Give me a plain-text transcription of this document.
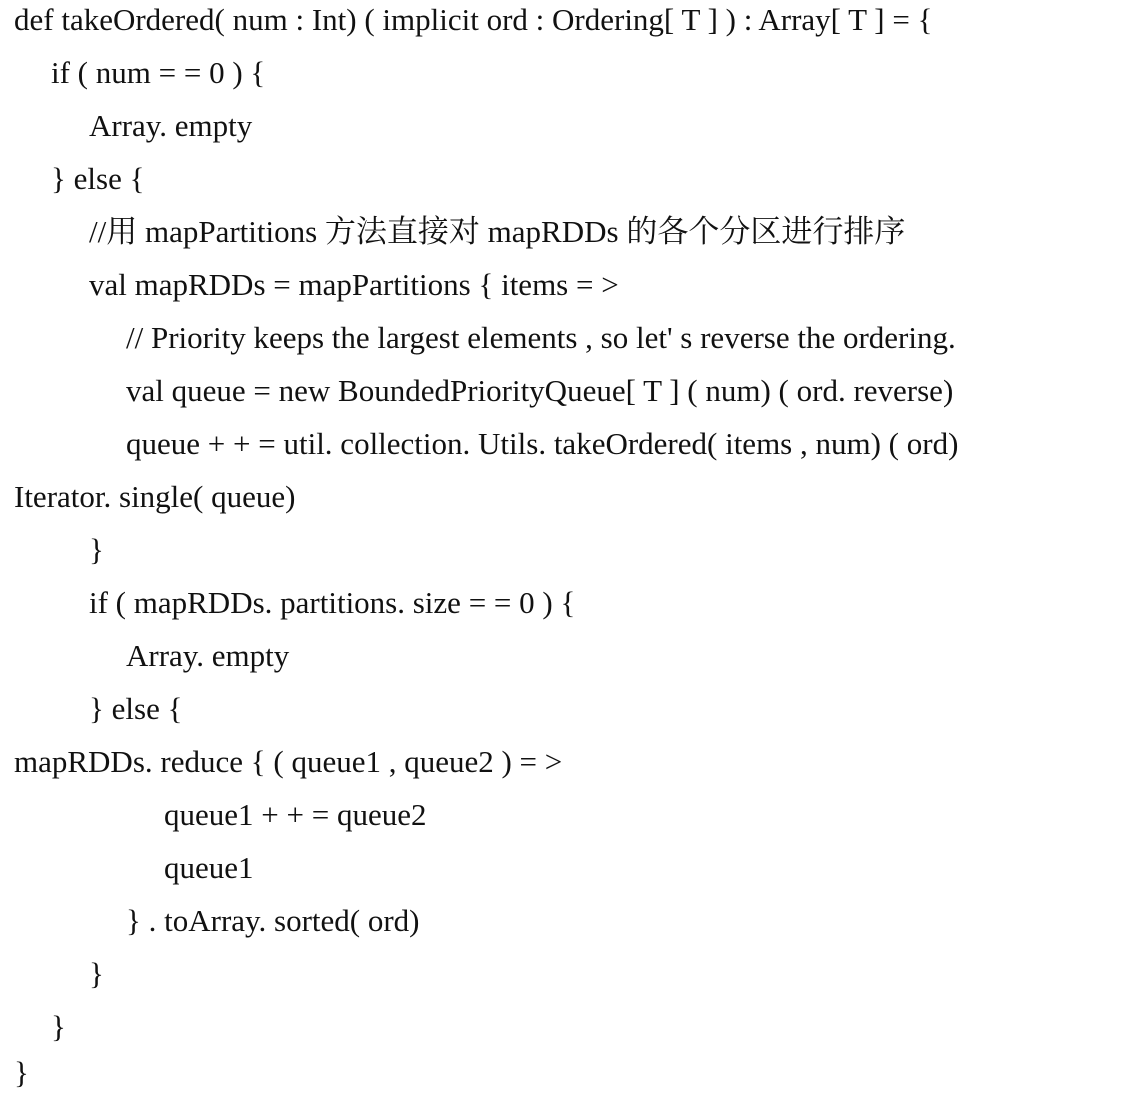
def takeOrdered( num : Int) ( implicit ord : Ordering[ T ] ) : Array[ T ] = {
if ( num = = 0 ) {
Array. empty
} else {
//用 mapPartitions 方法直接对 mapRDDs 的各个分区进行排序
val mapRDDs = mapPartitions { items = >
// Priority keeps the largest elements , so let' s reverse the ordering.
val queue = new BoundedPriorityQueue[ T ] ( num) ( ord. reverse)
queue + + = util. collection. Utils. takeOrdered( items , num) ( ord)
Iterator. single( queue)
}
if ( mapRDDs. partitions. size = = 0 ) {
Array. empty
} else {
mapRDDs. reduce { ( queue1 , queue2 ) = >
queue1 + + = queue2
queue1
} . toArray. sorted( ord)
}
}
}
